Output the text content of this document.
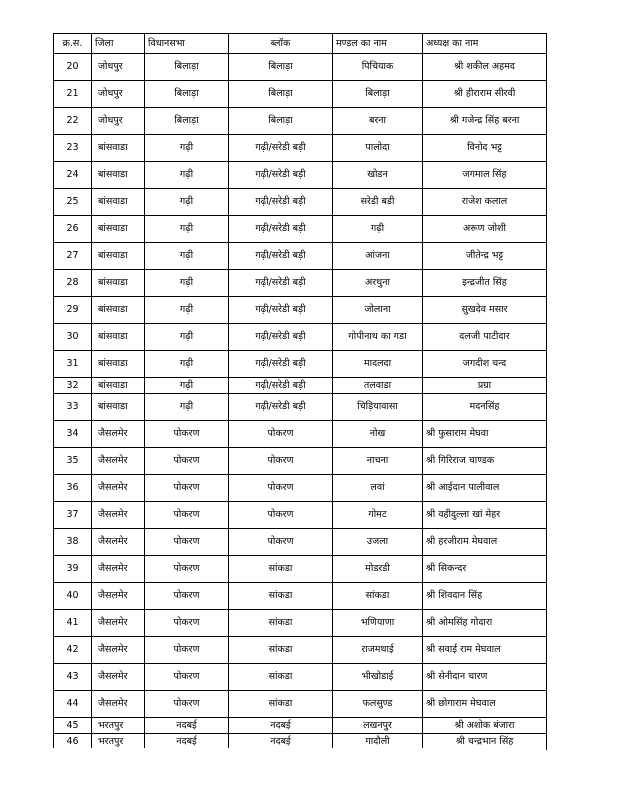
क्र.स.	जिला	विधानसभा	ब्लॉक	मण्डल का नाम	अध्यक्ष का नाम
20	जोधपुर	बिलाड़ा	बिलाड़ा	पिचियाक	श्री शकील अहमद
21	जोधपुर	बिलाड़ा	बिलाड़ा	बिलाड़ा	श्री हीराराम सीरवी
22	जोधपुर	बिलाड़ा	बिलाड़ा	बरना	श्री गजेन्द्र सिंह बरना
23	बांसवाडा	गढ़ी	गढ़ी/सरेडी बड़ी	पालोदा	विनोद भट्ट
24	बांसवाडा	गढ़ी	गढ़ी/सरेडी बड़ी	खोडन	जगमाल सिंह
25	बांसवाडा	गढ़ी	गढ़ी/सरेडी बड़ी	सरेडी बडी	राजेश कलाल
26	बांसवाडा	गढ़ी	गढ़ी/सरेडी बड़ी	गढ़ी	अरूण जोशी
27	बांसवाडा	गढ़ी	गढ़ी/सरेडी बड़ी	आंजना	जीतेन्द्र भट्ट
28	बांसवाडा	गढ़ी	गढ़ी/सरेडी बड़ी	अरथुना	इन्द्रजीत सिंह
29	बांसवाडा	गढ़ी	गढ़ी/सरेडी बड़ी	जोलाना	सुखदेव मसार
30	बांसवाडा	गढ़ी	गढ़ी/सरेडी बड़ी	गोपीनाथ का गडा	दलजी पाटीदार
31	बांसवाडा	गढ़ी	गढ़ी/सरेडी बड़ी	मादलदा	जगदीश चन्द
32	बांसवाडा	गढ़ी	गढ़ी/सरेडी बड़ी	तलवाडा	प्रग्रा
33	बांसवाडा	गढ़ी	गढ़ी/सरेडी बड़ी	चिड़ियावासा	मदनसिंह
34	जैसलमेर	पोकरण	पोकरण	नोख	श्री फुसाराम मेघवा
35	जैसलमेर	पोकरण	पोकरण	नाचना	श्री गिरिराज चाण्डक
36	जैसलमेर	पोकरण	पोकरण	लवां	श्री आईदान पालीवाल
37	जैसलमेर	पोकरण	पोकरण	गोमट	श्री वहीदुल्ला खां मेहर
38	जैसलमेर	पोकरण	पोकरण	उजला	श्री हरजीराम मेघवाल
39	जैसलमेर	पोकरण	सांकडा	मोडरडी	श्री सिकन्दर
40	जैसलमेर	पोकरण	सांकडा	सांकडा	श्री शिवदान सिंह
41	जैसलमेर	पोकरण	सांकडा	भणियाणा	श्री ओमसिंह गोदारा
42	जैसलमेर	पोकरण	सांकडा	राजमथाई	श्री सवाई राम मेघवाल
43	जैसलमेर	पोकरण	सांकडा	भीखोडाई	श्री सेनीदान चारण
44	जैसलमेर	पोकरण	सांकडा	फलसुण्ड	श्री छोगाराम मेघवाल
45	भरतपुर	नदबई	नदबई	लखनपुर	श्री अशोक बंजारा
46	भरतपुर	नदबई	नदबई	गादौली	श्री चन्द्रभान सिंह
